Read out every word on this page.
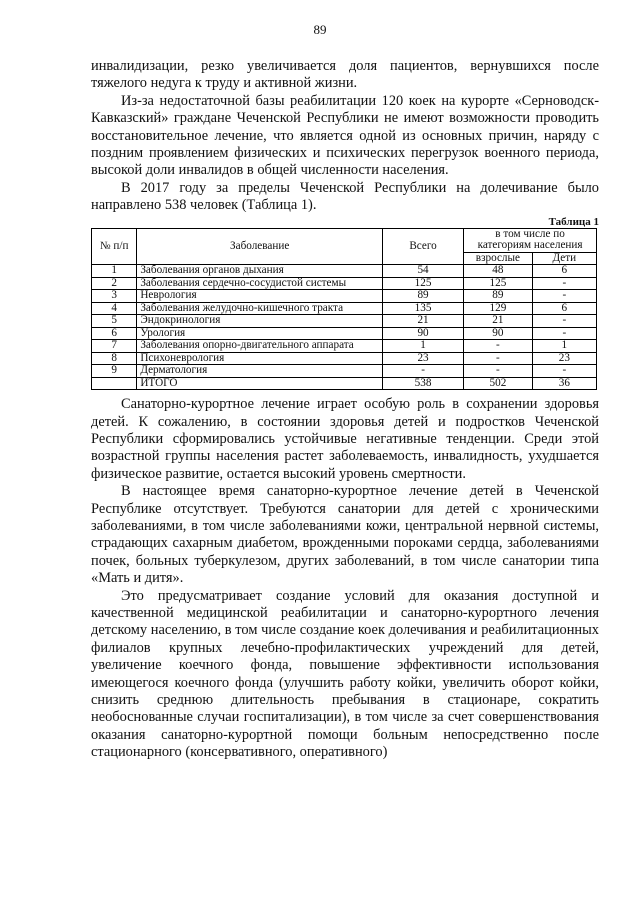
89

инвалидизации, резко увеличивается доля пациентов, вернувшихся после тяжелого недуга к труду и активной жизни.

Из-за недостаточной базы реабилитации 120 коек на курорте «Серноводск-Кавказский» граждане Чеченской Республики не имеют возможности проводить восстановительное лечение, что является одной из основных причин, наряду с поздним проявлением физических и психических перегрузок военного периода, высокой доли инвалидов в общей численности населения.

В 2017 году за пределы Чеченской Республики на долечивание было направлено 538 человек (Таблица 1).

Таблица 1
№ п/п	Заболевание	Всего	в том числе по категориям населения	
			взрослые	Дети
1	Заболевания органов дыхания	54	48	6
2	Заболевания сердечно-сосудистой системы	125	125	-
3	Неврология	89	89	-
4	Заболевания желудочно-кишечного тракта	135	129	6
5	Эндокринология	21	21	-
6	Урология	90	90	-
7	Заболевания опорно-двигательного аппарата	1	-	1
8	Психоневрология	23	-	23
9	Дерматология	-	-	-
	ИТОГО	538	502	36

Санаторно-курортное лечение играет особую роль в сохранении здоровья детей. К сожалению, в состоянии здоровья детей и подростков Чеченской Республики сформировались устойчивые негативные тенденции. Среди этой возрастной группы населения растет заболеваемость, инвалидность, ухудшается физическое развитие, остается высокий уровень смертности.

В настоящее время санаторно-курортное лечение детей в Чеченской Республике отсутствует. Требуются санатории для детей с хроническими заболеваниями, в том числе заболеваниями кожи, центральной нервной системы, страдающих сахарным диабетом, врожденными пороками сердца, заболеваниями почек, больных туберкулезом, других заболеваний, в том числе санатории типа «Мать и дитя».

Это предусматривает создание условий для оказания доступной и качественной медицинской реабилитации и санаторно-курортного лечения детскому населению, в том числе создание коек долечивания и реабилитационных филиалов крупных лечебно-профилактических учреждений для детей, увеличение коечного фонда, повышение эффективности использования имеющегося коечного фонда (улучшить работу койки, увеличить оборот койки, снизить среднюю длительность пребывания в стационаре, сократить необоснованные случаи госпитализации), в том числе за счет совершенствования оказания санаторно-курортной помощи больным непосредственно после стационарного (консервативного, оперативного)
